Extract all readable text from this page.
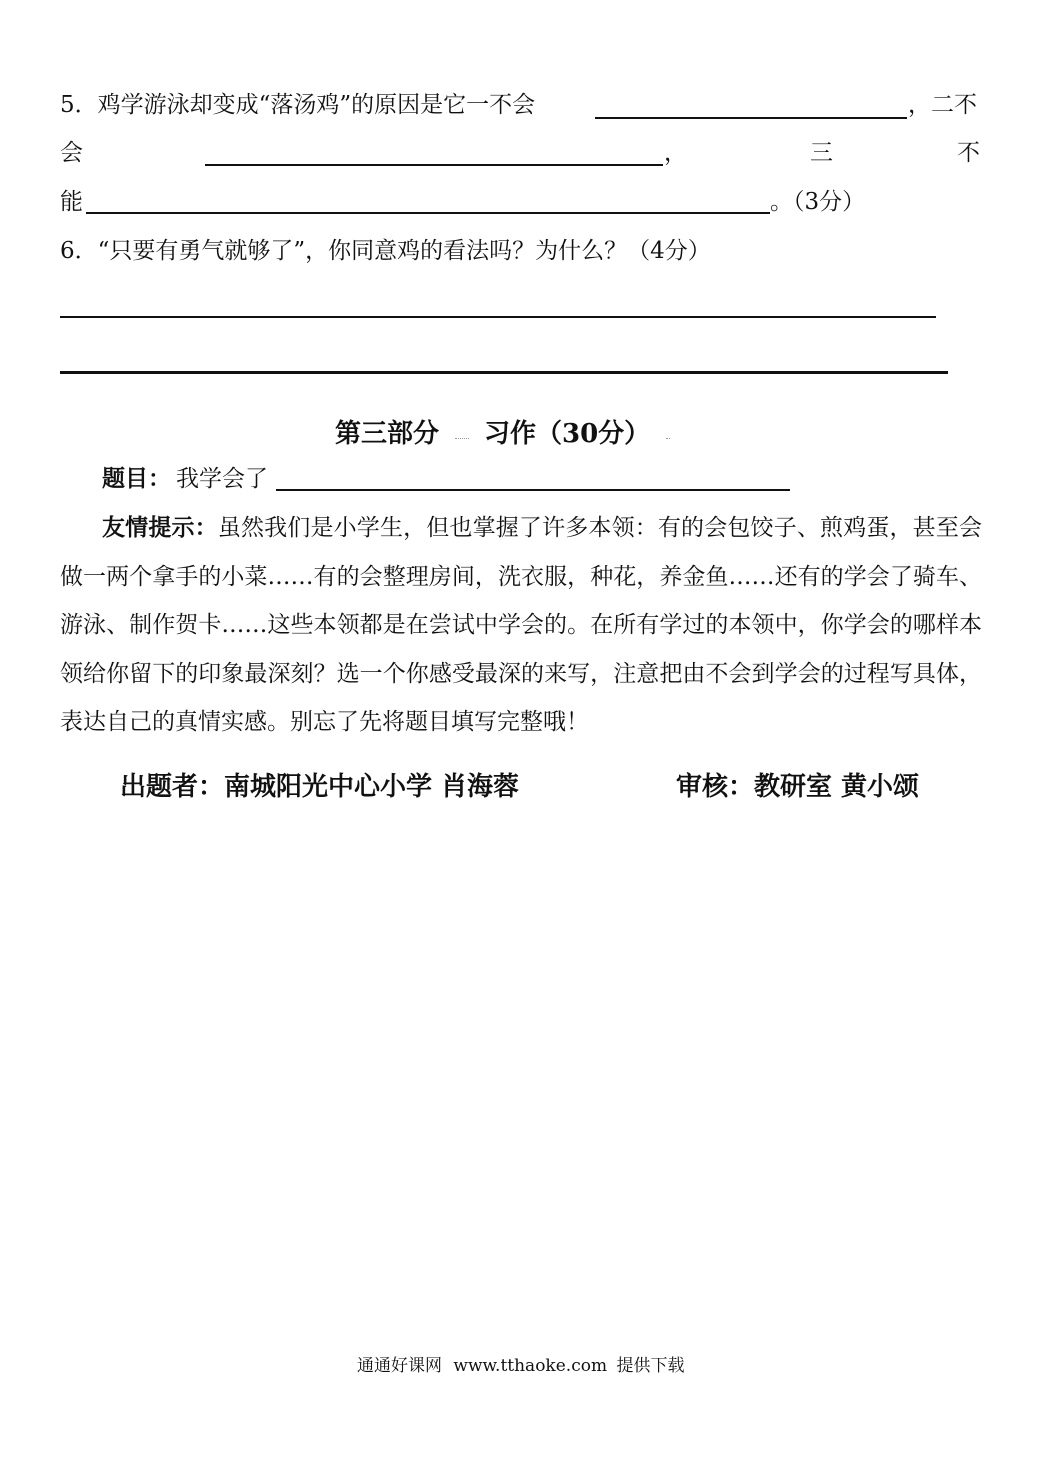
5．鸡学游泳却变成“落汤鸡”的原因是它一不会	，二不
会	，	三	不
能	。（3分）
6．“只要有勇气就够了”，你同意鸡的看法吗？为什么？（4分）
第三部分 习作（30分）
题目： 我学会了
友情提示：虽然我们是小学生，但也掌握了许多本领：有的会包饺子、煎鸡蛋，甚至会做一两个拿手的小菜……有的会整理房间，洗衣服，种花，养金鱼……还有的学会了骑车、游泳、制作贺卡……这些本领都是在尝试中学会的。在所有学过的本领中，你学会的哪样本领给你留下的印象最深刻？选一个你感受最深的来写，注意把由不会到学会的过程写具体，表达自己的真情实感。别忘了先将题目填写完整哦！
出题者：南城阳光中心小学 肖海蓉	审核：教研室 黄小颂
通通好课网 www.tthaoke.com 提供下载
